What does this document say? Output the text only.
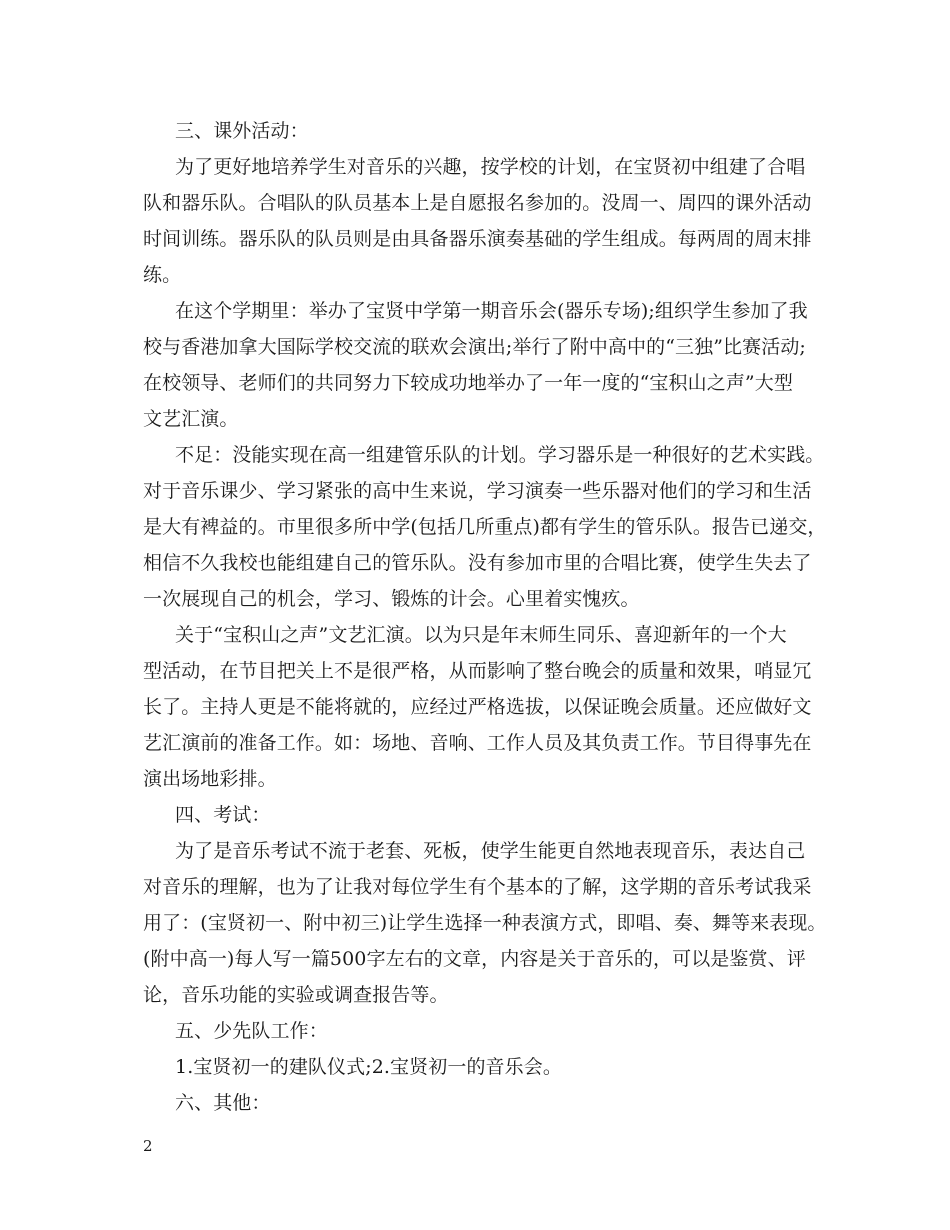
三、课外活动：

为了更好地培养学生对音乐的兴趣，按学校的计划，在宝贤初中组建了合唱

队和器乐队。合唱队的队员基本上是自愿报名参加的。没周一、周四的课外活动

时间训练。器乐队的队员则是由具备器乐演奏基础的学生组成。每两周的周末排

练。

在这个学期里：举办了宝贤中学第一期音乐会(器乐专场);组织学生参加了我

校与香港加拿大国际学校交流的联欢会演出;举行了附中高中的“三独”比赛活动;

在校领导、老师们的共同努力下较成功地举办了一年一度的“宝积山之声”大型

文艺汇演。

不足：没能实现在高一组建管乐队的计划。学习器乐是一种很好的艺术实践。

对于音乐课少、学习紧张的高中生来说，学习演奏一些乐器对他们的学习和生活

是大有裨益的。市里很多所中学(包括几所重点)都有学生的管乐队。报告已递交，

相信不久我校也能组建自己的管乐队。没有参加市里的合唱比赛，使学生失去了

一次展现自己的机会，学习、锻炼的计会。心里着实愧疚。

关于“宝积山之声”文艺汇演。以为只是年末师生同乐、喜迎新年的一个大

型活动，在节目把关上不是很严格，从而影响了整台晚会的质量和效果，哨显冗

长了。主持人更是不能将就的，应经过严格选拔，以保证晚会质量。还应做好文

艺汇演前的准备工作。如：场地、音响、工作人员及其负责工作。节目得事先在

演出场地彩排。

四、考试：

为了是音乐考试不流于老套、死板，使学生能更自然地表现音乐，表达自己

对音乐的理解，也为了让我对每位学生有个基本的了解，这学期的音乐考试我采

用了：(宝贤初一、附中初三)让学生选择一种表演方式，即唱、奏、舞等来表现。

(附中高一)每人写一篇500字左右的文章，内容是关于音乐的，可以是鉴赏、评

论，音乐功能的实验或调查报告等。

五、少先队工作：

1.宝贤初一的建队仪式;2.宝贤初一的音乐会。

六、其他：

2
